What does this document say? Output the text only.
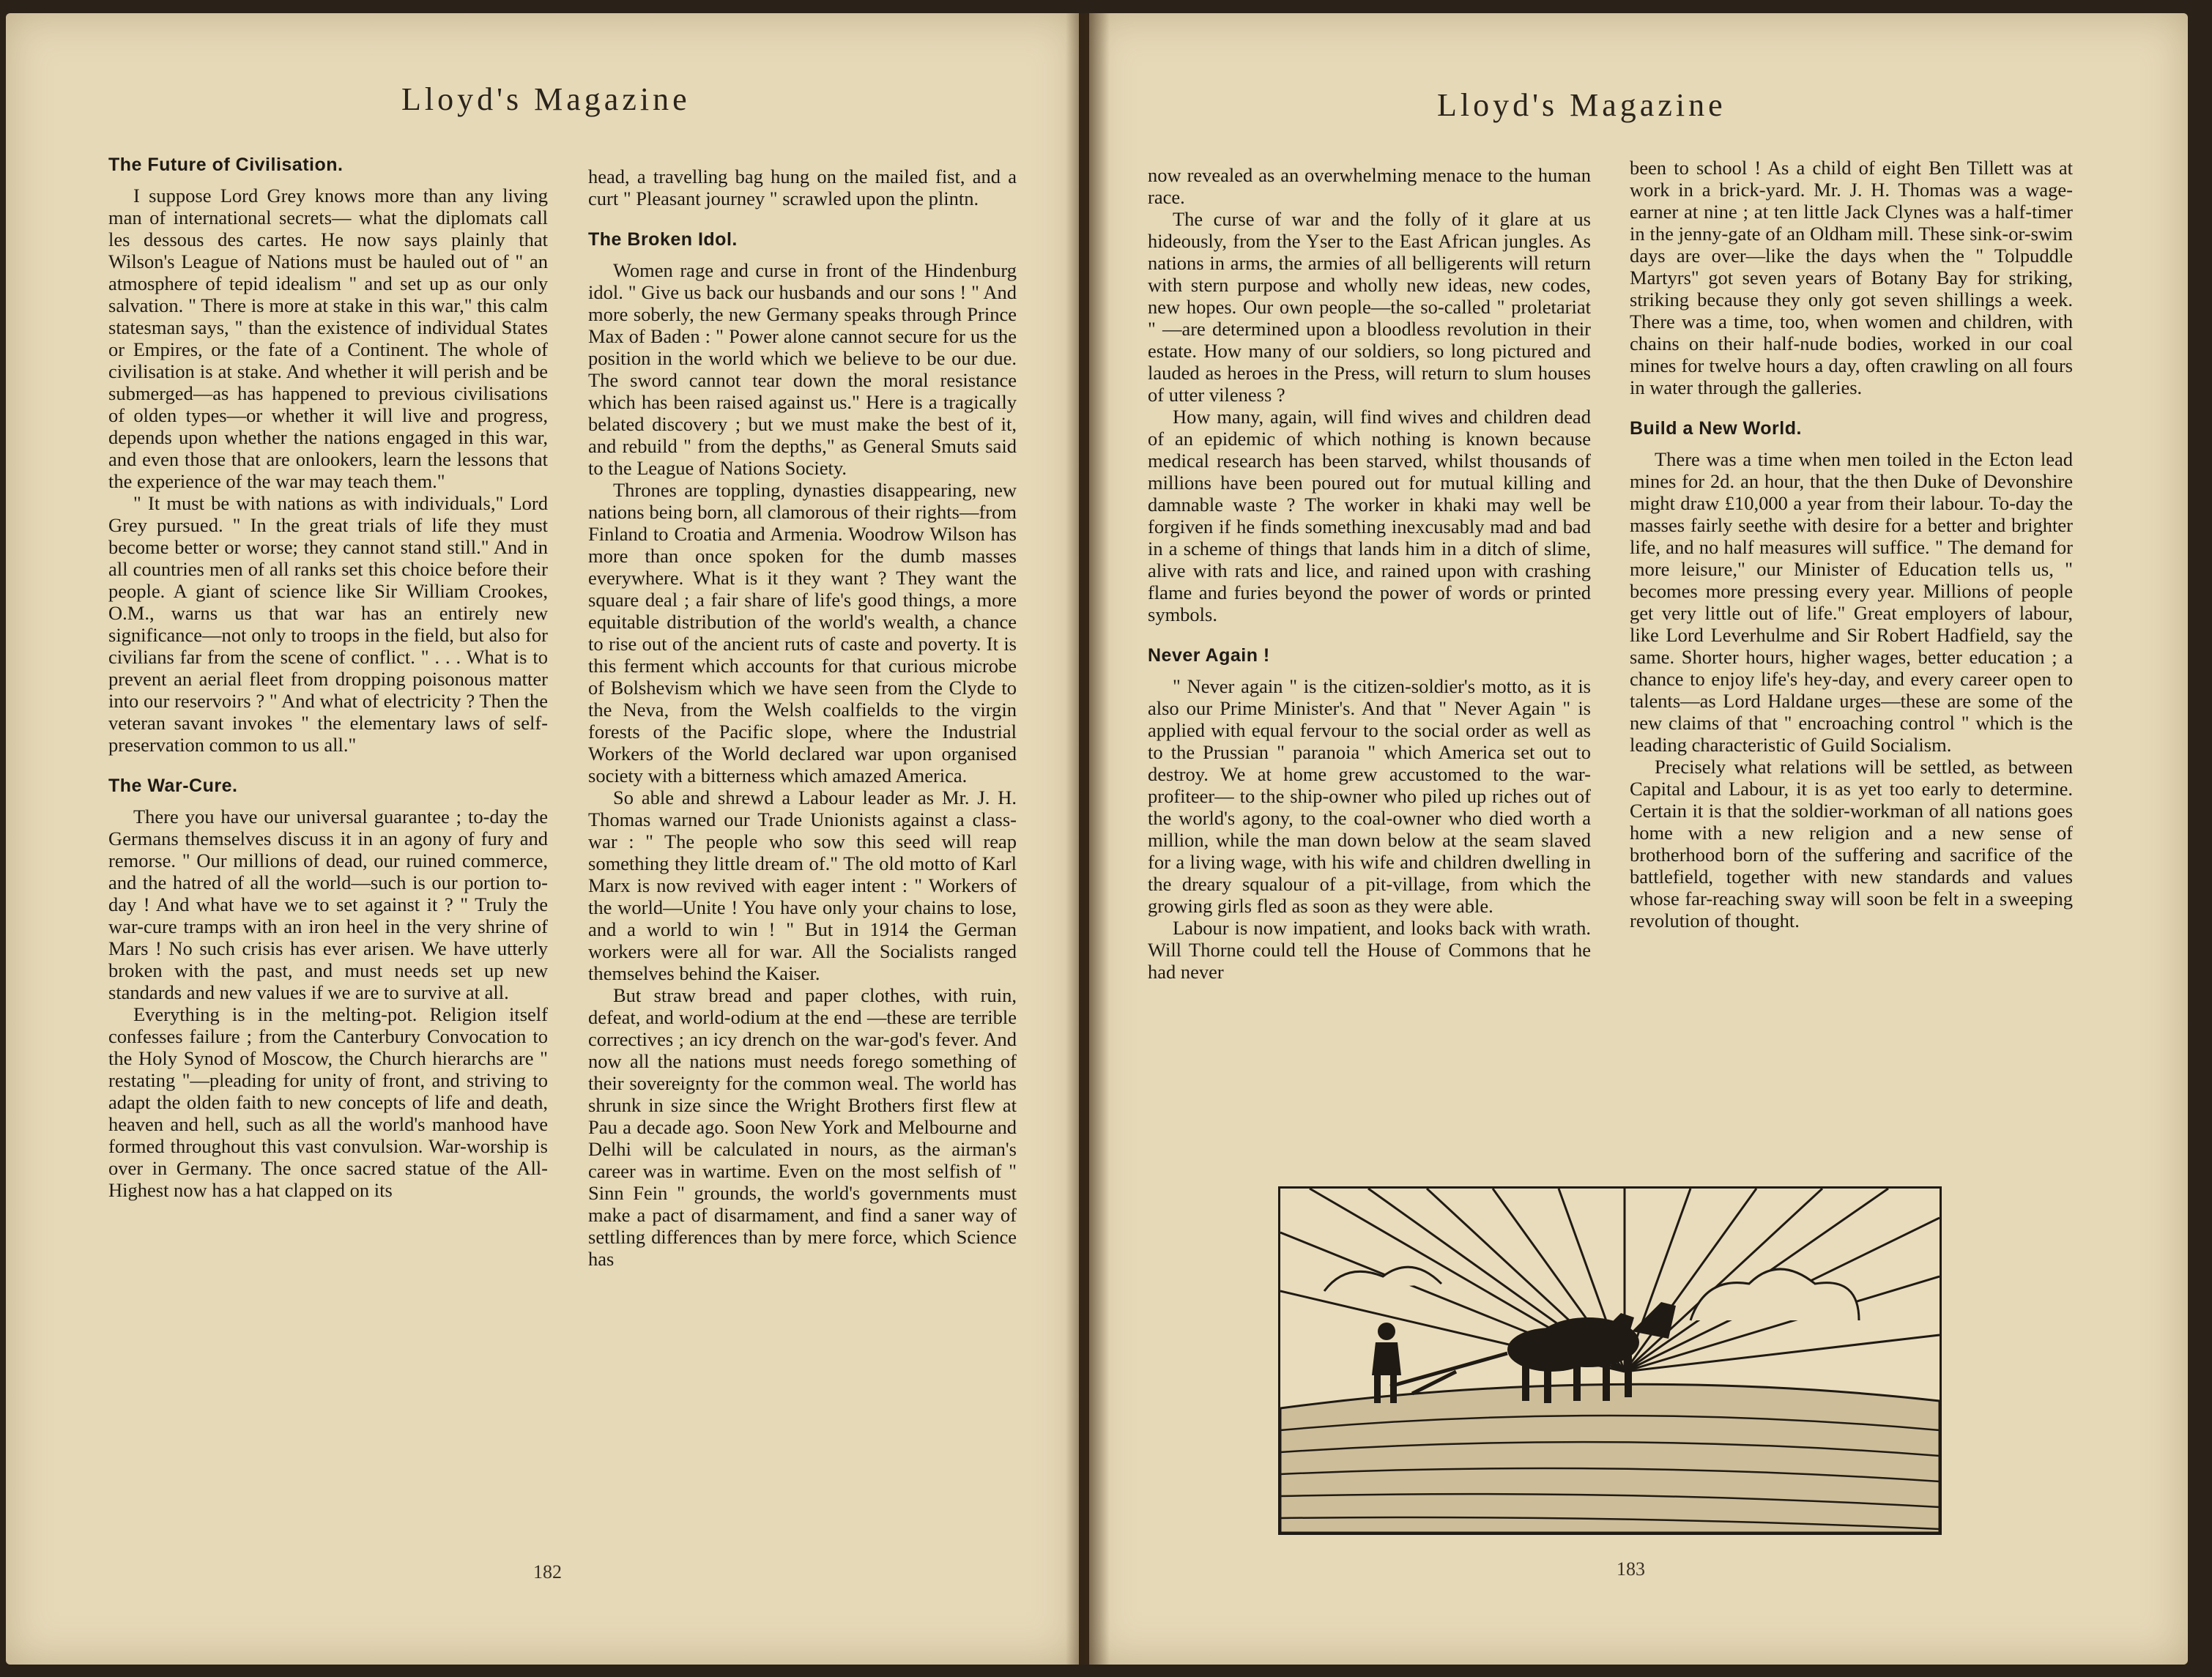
Lloyd's Magazine
The Future of Civilisation.

I suppose Lord Grey knows more than any living man of international secrets— what the diplomats call les dessous des cartes. He now says plainly that Wilson's League of Nations must be hauled out of " an atmosphere of tepid idealism " and set up as our only salvation. " There is more at stake in this war," this calm statesman says, " than the existence of individual States or Empires, or the fate of a Continent. The whole of civilisation is at stake. And whether it will perish and be submerged—as has happened to previous civilisations of olden types—or whether it will live and progress, depends upon whether the nations engaged in this war, and even those that are onlookers, learn the lessons that the experience of the war may teach them."

" It must be with nations as with individuals," Lord Grey pursued. " In the great trials of life they must become better or worse; they cannot stand still." And in all countries men of all ranks set this choice before their people. A giant of science like Sir William Crookes, O.M., warns us that war has an entirely new significance—not only to troops in the field, but also for civilians far from the scene of conflict. " . . . What is to prevent an aerial fleet from dropping poisonous matter into our reservoirs ? " And what of electricity ? Then the veteran savant invokes " the elementary laws of self-preservation common to us all."

The War-Cure.

There you have our universal guarantee ; to-day the Germans themselves discuss it in an agony of fury and remorse. " Our millions of dead, our ruined commerce, and the hatred of all the world—such is our portion to-day ! And what have we to set against it ? " Truly the war-cure tramps with an iron heel in the very shrine of Mars ! No such crisis has ever arisen. We have utterly broken with the past, and must needs set up new standards and new values if we are to survive at all.

Everything is in the melting-pot. Religion itself confesses failure ; from the Canterbury Convocation to the Holy Synod of Moscow, the Church hierarchs are " restating "—pleading for unity of front, and striving to adapt the olden faith to new concepts of life and death, heaven and hell, such as all the world's manhood have formed throughout this vast convulsion. War-worship is over in Germany. The once sacred statue of the All-Highest now has a hat clapped on its

head, a travelling bag hung on the mailed fist, and a curt " Pleasant journey " scrawled upon the plintn.

The Broken Idol.

Women rage and curse in front of the Hindenburg idol. " Give us back our husbands and our sons ! " And more soberly, the new Germany speaks through Prince Max of Baden : " Power alone cannot secure for us the position in the world which we believe to be our due. The sword cannot tear down the moral resistance which has been raised against us." Here is a tragically belated discovery ; but we must make the best of it, and rebuild " from the depths," as General Smuts said to the League of Nations Society.

Thrones are toppling, dynasties disappearing, new nations being born, all clamorous of their rights—from Finland to Croatia and Armenia. Woodrow Wilson has more than once spoken for the dumb masses everywhere. What is it they want ? They want the square deal ; a fair share of life's good things, a more equitable distribution of the world's wealth, a chance to rise out of the ancient ruts of caste and poverty. It is this ferment which accounts for that curious microbe of Bolshevism which we have seen from the Clyde to the Neva, from the Welsh coalfields to the virgin forests of the Pacific slope, where the Industrial Workers of the World declared war upon organised society with a bitterness which amazed America.

So able and shrewd a Labour leader as Mr. J. H. Thomas warned our Trade Unionists against a class-war : " The people who sow this seed will reap something they little dream of." The old motto of Karl Marx is now revived with eager intent : " Workers of the world—Unite ! You have only your chains to lose, and a world to win ! " But in 1914 the German workers were all for war. All the Socialists ranged themselves behind the Kaiser.

But straw bread and paper clothes, with ruin, defeat, and world-odium at the end —these are terrible correctives ; an icy drench on the war-god's fever. And now all the nations must needs forego something of their sovereignty for the common weal. The world has shrunk in size since the Wright Brothers first flew at Pau a decade ago. Soon New York and Melbourne and Delhi will be calculated in nours, as the airman's career was in wartime. Even on the most selfish of " Sinn Fein " grounds, the world's governments must make a pact of disarmament, and find a saner way of settling differences than by mere force, which Science has

182
Lloyd's Magazine

now revealed as an overwhelming menace to the human race.

The curse of war and the folly of it glare at us hideously, from the Yser to the East African jungles. As nations in arms, the armies of all belligerents will return with stern purpose and wholly new ideas, new codes, new hopes. Our own people—the so-called " proletariat " —are determined upon a bloodless revolution in their estate. How many of our soldiers, so long pictured and lauded as heroes in the Press, will return to slum houses of utter vileness ?

How many, again, will find wives and children dead of an epidemic of which nothing is known because medical research has been starved, whilst thousands of millions have been poured out for mutual killing and damnable waste ? The worker in khaki may well be forgiven if he finds something inexcusably mad and bad in a scheme of things that lands him in a ditch of slime, alive with rats and lice, and rained upon with crashing flame and furies beyond the power of words or printed symbols.

Never Again !

" Never again " is the citizen-soldier's motto, as it is also our Prime Minister's. And that " Never Again " is applied with equal fervour to the social order as well as to the Prussian " paranoia " which America set out to destroy. We at home grew accustomed to the war-profiteer— to the ship-owner who piled up riches out of the world's agony, to the coal-owner who died worth a million, while the man down below at the seam slaved for a living wage, with his wife and children dwelling in the dreary squalour of a pit-village, from which the growing girls fled as soon as they were able.

Labour is now impatient, and looks back with wrath. Will Thorne could tell the House of Commons that he had never

been to school ! As a child of eight Ben Tillett was at work in a brick-yard. Mr. J. H. Thomas was a wage-earner at nine ; at ten little Jack Clynes was a half-timer in the jenny-gate of an Oldham mill. These sink-or-swim days are over—like the days when the " Tolpuddle Martyrs" got seven years of Botany Bay for striking, striking because they only got seven shillings a week. There was a time, too, when women and children, with chains on their half-nude bodies, worked in our coal mines for twelve hours a day, often crawling on all fours in water through the galleries.

Build a New World.

There was a time when men toiled in the Ecton lead mines for 2d. an hour, that the then Duke of Devonshire might draw £10,000 a year from their labour. To-day the masses fairly seethe with desire for a better and brighter life, and no half measures will suffice. " The demand for more leisure," our Minister of Education tells us, " becomes more pressing every year. Millions of people get very little out of life." Great employers of labour, like Lord Leverhulme and Sir Robert Hadfield, say the same. Shorter hours, higher wages, better education ; a chance to enjoy life's hey-day, and every career open to talents—as Lord Haldane urges—these are some of the new claims of that " encroaching control " which is the leading characteristic of Guild Socialism.

Precisely what relations will be settled, as between Capital and Labour, it is as yet too early to determine. Certain it is that the soldier-workman of all nations goes home with a new religion and a new sense of brotherhood born of the suffering and sacrifice of the battlefield, together with new standards and values whose far-reaching sway will soon be felt in a sweeping revolution of thought.

183
